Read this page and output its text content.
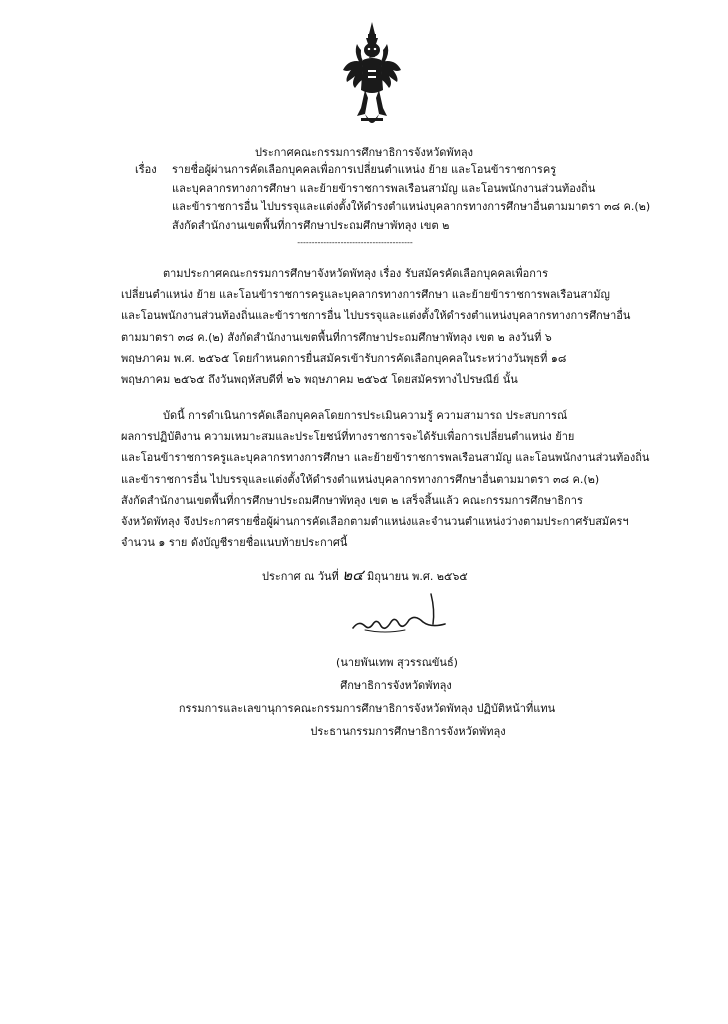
ประกาศคณะกรรมการศึกษาธิการจังหวัดพัทลุง
เรื่อง รายชื่อผู้ผ่านการคัดเลือกบุคคลเพื่อการเปลี่ยนตำแหน่ง ย้าย และโอนข้าราชการครู
และบุคลากรทางการศึกษา และย้ายข้าราชการพลเรือนสามัญ และโอนพนักงานส่วนท้องถิ่น
และข้าราชการอื่น ไปบรรจุและแต่งตั้งให้ดำรงตำแหน่งบุคลากรทางการศึกษาอื่นตามมาตรา ๓๘ ค.(๒)
สังกัดสำนักงานเขตพื้นที่การศึกษาประถมศึกษาพัทลุง เขต ๒
----------------------------------------
ตามประกาศคณะกรรมการศึกษาจังหวัดพัทลุง เรื่อง รับสมัครคัดเลือกบุคคลเพื่อการ
เปลี่ยนตำแหน่ง ย้าย และโอนข้าราชการครูและบุคลากรทางการศึกษา และย้ายข้าราชการพลเรือนสามัญ
และโอนพนักงานส่วนท้องถิ่นและข้าราชการอื่น ไปบรรจุและแต่งตั้งให้ดำรงตำแหน่งบุคลากรทางการศึกษาอื่น
ตามมาตรา ๓๘ ค.(๒) สังกัดสำนักงานเขตพื้นที่การศึกษาประถมศึกษาพัทลุง เขต ๒ ลงวันที่ ๖
พฤษภาคม พ.ศ. ๒๕๖๕ โดยกำหนดการยื่นสมัครเข้ารับการคัดเลือกบุคคลในระหว่างวันพุธที่ ๑๘
พฤษภาคม ๒๕๖๕ ถึงวันพฤหัสบดีที่ ๒๖ พฤษภาคม ๒๕๖๕ โดยสมัครทางไปรษณีย์ นั้น
บัดนี้ การดำเนินการคัดเลือกบุคคลโดยการประเมินความรู้ ความสามารถ ประสบการณ์
ผลการปฏิบัติงาน ความเหมาะสมและประโยชน์ที่ทางราชการจะได้รับเพื่อการเปลี่ยนตำแหน่ง ย้าย
และโอนข้าราชการครูและบุคลากรทางการศึกษา และย้ายข้าราชการพลเรือนสามัญ และโอนพนักงานส่วนท้องถิ่น
และข้าราชการอื่น ไปบรรจุและแต่งตั้งให้ดำรงตำแหน่งบุคลากรทางการศึกษาอื่นตามมาตรา ๓๘ ค.(๒)
สังกัดสำนักงานเขตพื้นที่การศึกษาประถมศึกษาพัทลุง เขต ๒ เสร็จสิ้นแล้ว คณะกรรมการศึกษาธิการ
จังหวัดพัทลุง จึงประกาศรายชื่อผู้ผ่านการคัดเลือกตามตำแหน่งและจำนวนตำแหน่งว่างตามประกาศรับสมัครฯ
จำนวน ๑ ราย ดังบัญชีรายชื่อแนบท้ายประกาศนี้
ประกาศ ณ วันที่ ๒๔ มิถุนายน พ.ศ. ๒๕๖๕
(นายพันเทพ สุวรรณขันธ์)
ศึกษาธิการจังหวัดพัทลุง
กรรมการและเลขานุการคณะกรรมการศึกษาธิการจังหวัดพัทลุง ปฏิบัติหน้าที่แทน
ประธานกรรมการศึกษาธิการจังหวัดพัทลุง
